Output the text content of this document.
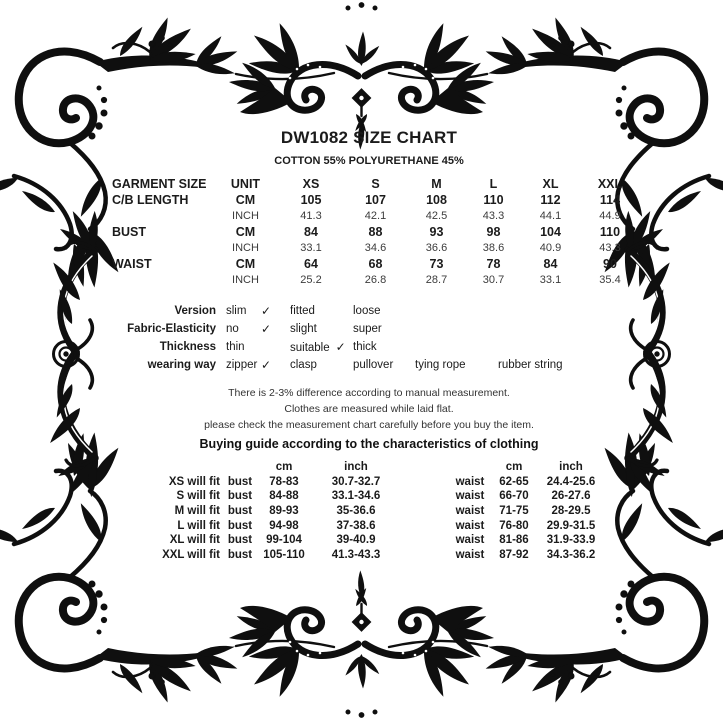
DW1082 SIZE CHART
COTTON 55% POLYURETHANE 45%
GARMENT SIZE	UNIT	XS	S	M	L	XL	XXL
C/B LENGTH	CM	105	107	108	110	112	114
INCH	41.3	42.1	42.5	43.3	44.1	44.9
BUST	CM	84	88	93	98	104	110
INCH	33.1	34.6	36.6	38.6	40.9	43.3
WAIST	CM	64	68	73	78	84	90
INCH	25.2	26.8	28.7	30.7	33.1	35.4
Version slim	✓	fitted	loose
Fabric-Elasticity no	✓	slight	super
Thickness thin	suitable ✓ thick
wearing way zipper ✓	clasp	pullover	tying rope	rubber string
There is 2-3% difference according to manual measurement.
Clothes are measured while laid flat.
please check the measurement chart carefully before you buy the item.
Buying guide according to the characteristics of clothing
cm	inch	cm	inch
XS will fit bust	78-83	30.7-32.7	waist	62-65	24.4-25.6
S will fit bust	84-88	33.1-34.6	waist	66-70	26-27.6
M will fit bust	89-93	35-36.6	waist	71-75	28-29.5
L will fit bust	94-98	37-38.6	waist	76-80	29.9-31.5
XL will fit bust	99-104	39-40.9	waist	81-86	31.9-33.9
XXL will fit bust 105-110	41.3-43.3	waist	87-92	34.3-36.2
